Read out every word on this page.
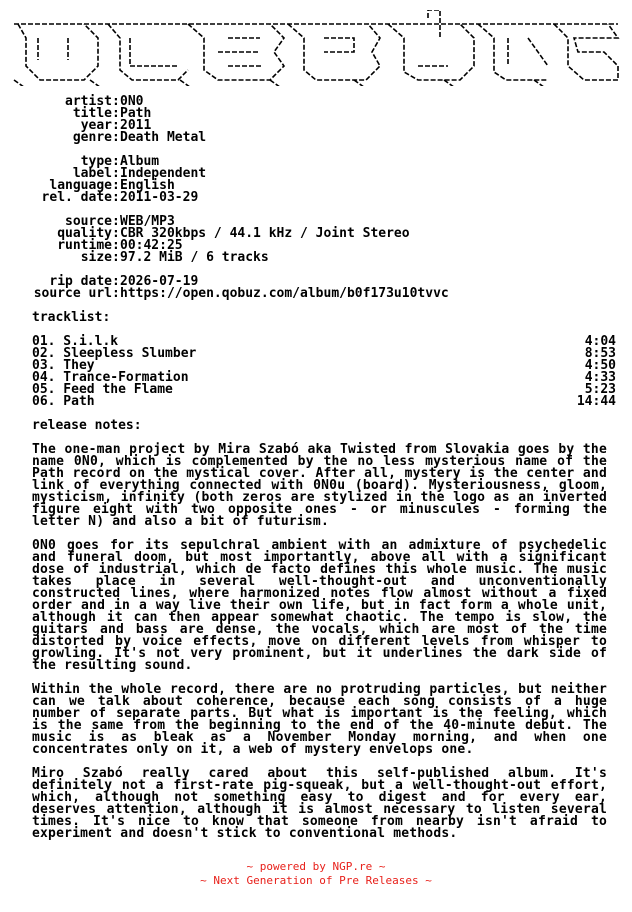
artist : 0N0
title : Path
year : 2011
genre : Death Metal
type : Album
label : Independent
language : English
rel. date : 2011-03-29
source : WEB/MP3
quality : CBR 320kbps / 44.1 kHz / Joint Stereo
runtime : 00:42:25
size : 97.2 MiB / 6 tracks
rip date : 2026-07-19
source url : https://open.qobuz.com/album/b0f173u10tvvc
tracklist:
01. S.i.l.k	4:04
02. Sleepless Slumber	8:53
03. They	4:50
04. Trance-Formation	4:33
05. Feed the Flame	5:23
06. Path	14:44
release notes:

The one-man project by Mira Szabó aka Twisted from Slovakia goes by the name 0N0, which is complemented by the no less mysterious name of the Path record on the mystical cover. After all, mystery is the center and link of everything connected with 0N0u (board). Mysteriousness, gloom, mysticism, infinity (both zeros are stylized in the logo as an inverted figure eight with two opposite ones - or minuscules - forming the letter N) and also a bit of futurism.

0N0 goes for its sepulchral ambient with an admixture of psychedelic and funeral doom, but most importantly, above all with a significant dose of industrial, which de facto defines this whole music. The music takes place in several well-thought-out and unconventionally constructed lines, where harmonized notes flow almost without a fixed order and in a way live their own life, but in fact form a whole unit, although it can then appear somewhat chaotic. The tempo is slow, the guitars and bass are dense, the vocals, which are most of the time distorted by voice effects, move on different levels from whisper to growling. It's not very prominent, but it underlines the dark side of the resulting sound.

Within the whole record, there are no protruding particles, but neither can we talk about coherence, because each song consists of a huge number of separate parts. But what is important is the feeling, which is the same from the beginning to the end of the 40-minute debut. The music is as bleak as a November Monday morning, and when one concentrates only on it, a web of mystery envelops one.

Miro Szabó really cared about this self-published album. It's definitely not a first-rate pig-squeak, but a well-thought-out effort, which, although not something easy to digest and for every ear, deserves attention, although it is almost necessary to listen several times. It's nice to know that someone from nearby isn't afraid to experiment and doesn't stick to conventional methods.

~ powered by NGP.re ~
~ Next Generation of Pre Releases ~
